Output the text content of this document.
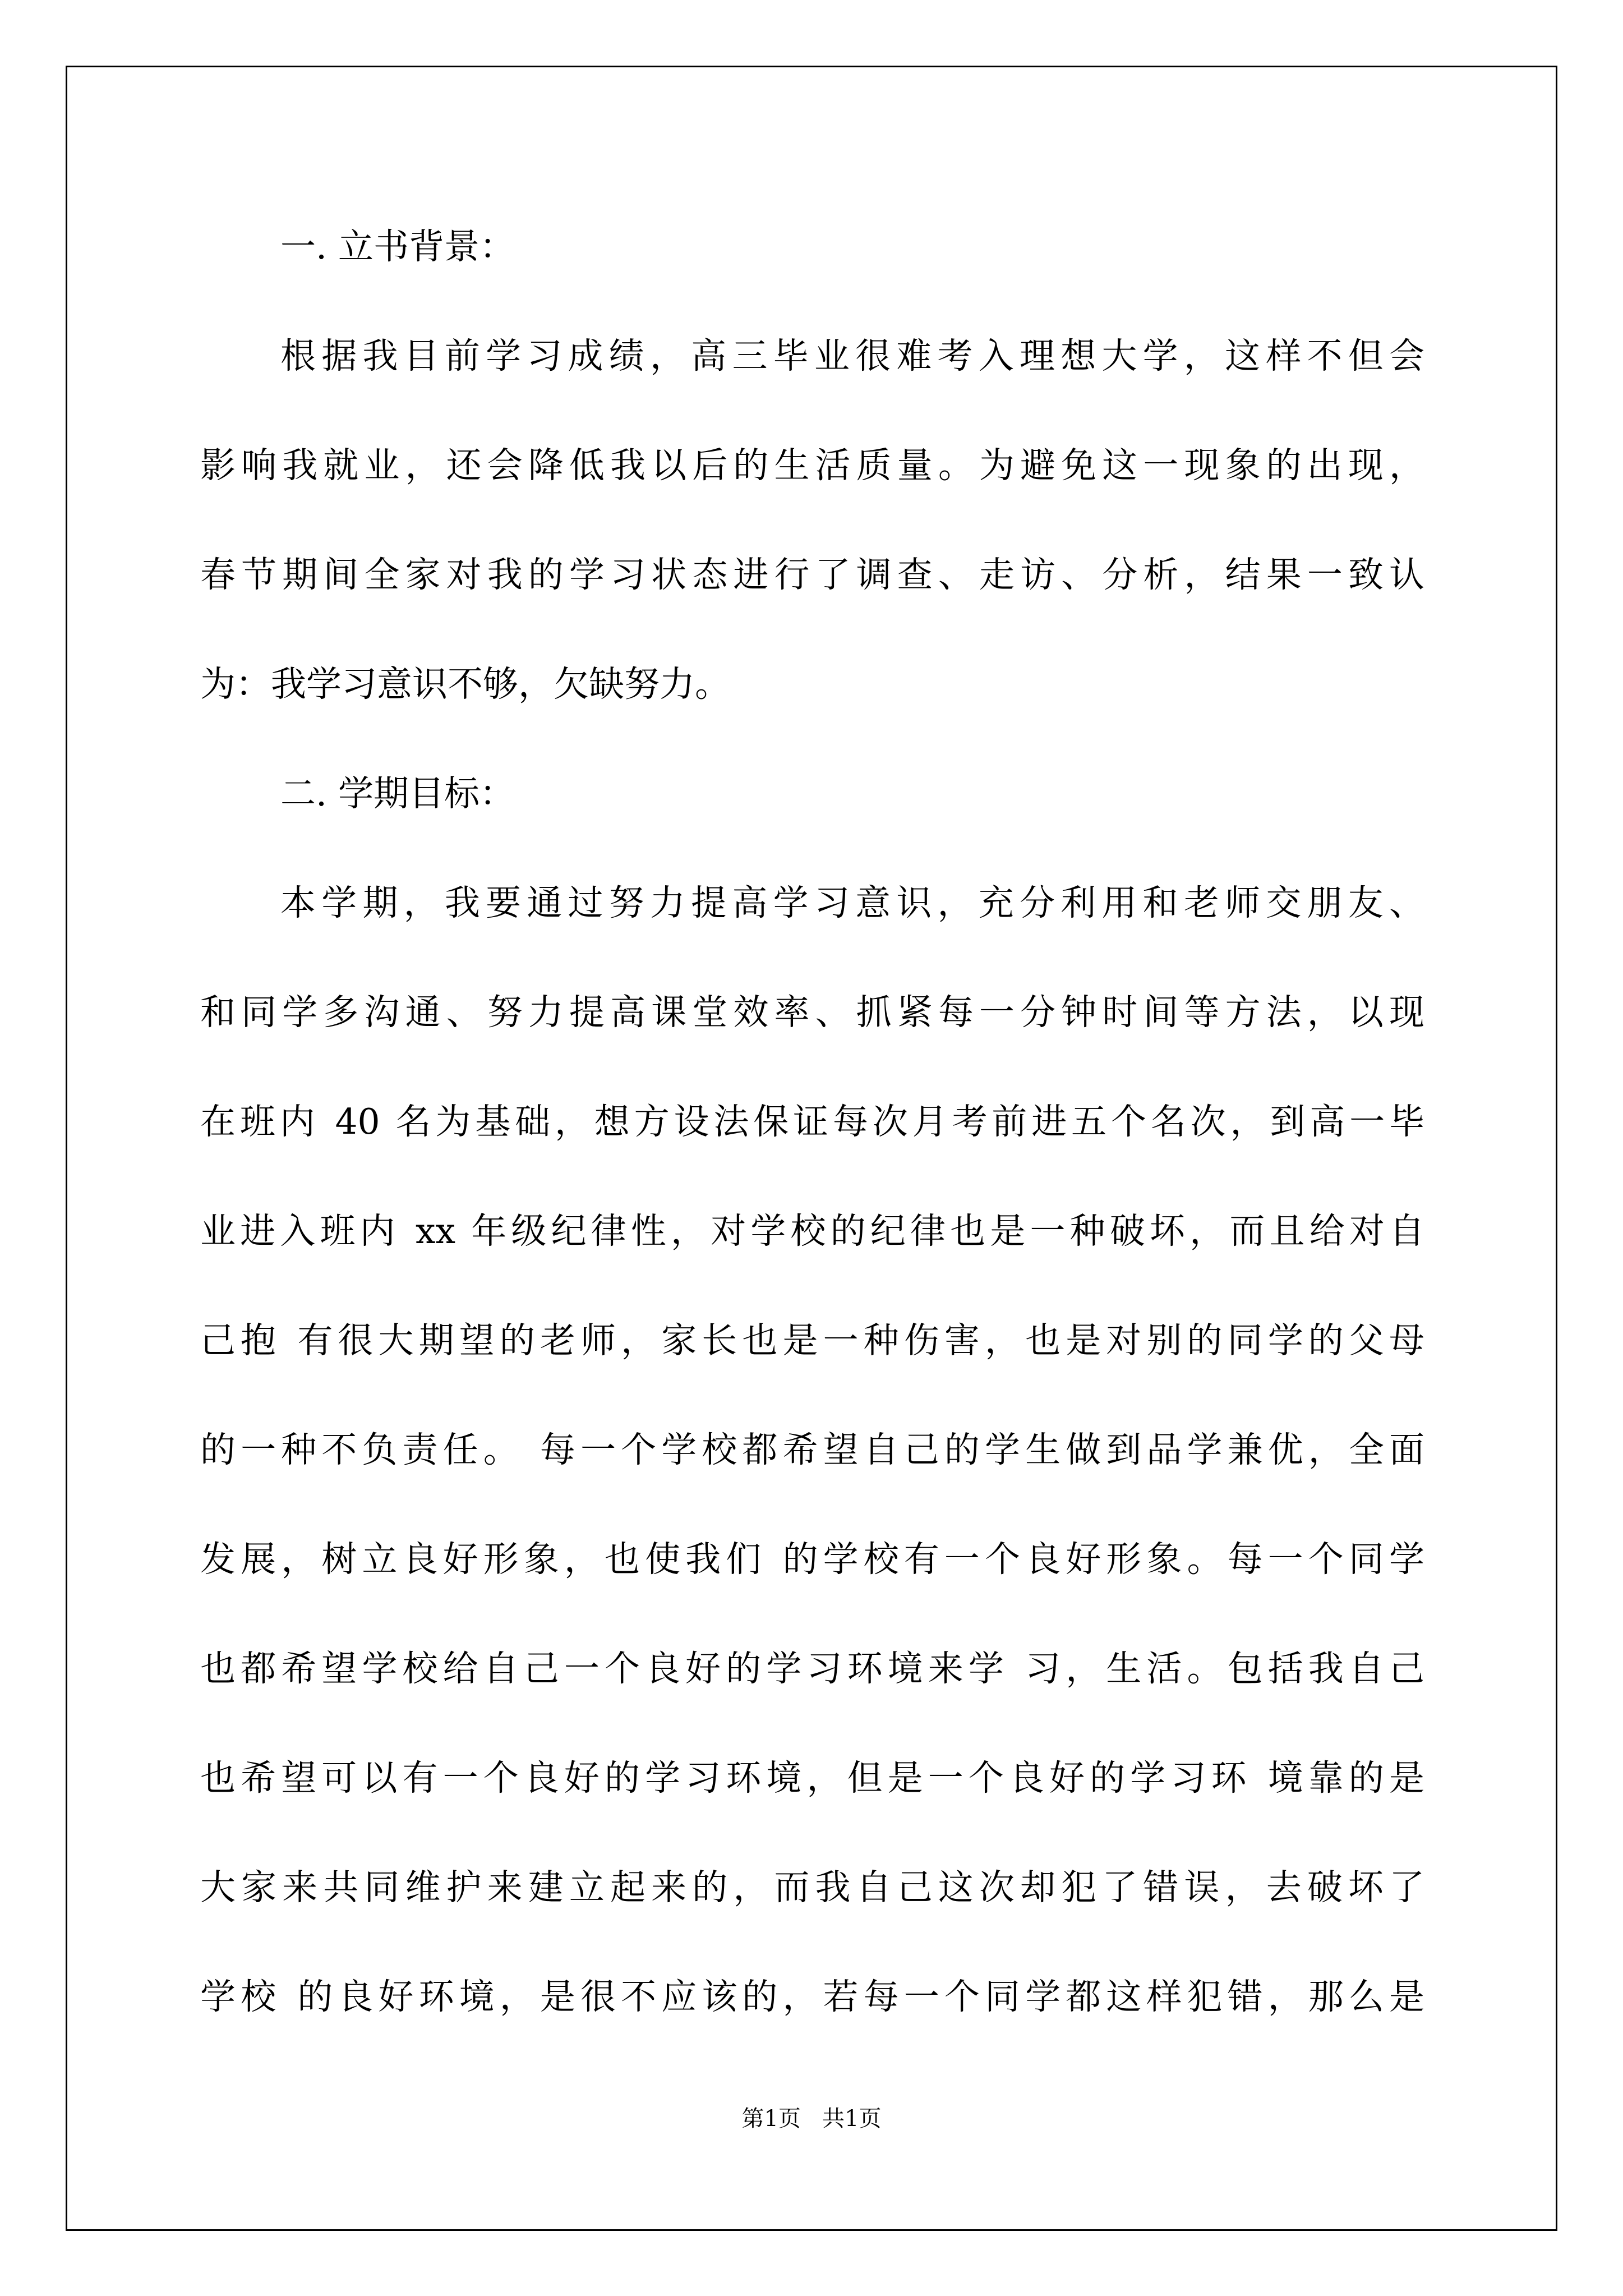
一. 立书背景：

根据我目前学习成绩，高三毕业很难考入理想大学，这样不但会

影响我就业，还会降低我以后的生活质量。为避免这一现象的出现，

春节期间全家对我的学习状态进行了调查、走访、分析，结果一致认

为：我学习意识不够，欠缺努力。

二. 学期目标：

本学期，我要通过努力提高学习意识，充分利用和老师交朋友、

和同学多沟通、努力提高课堂效率、抓紧每一分钟时间等方法，以现

在班内 40 名为基础，想方设法保证每次月考前进五个名次，到高一毕

业进入班内 xx 年级纪律性，对学校的纪律也是一种破坏，而且给对自

己抱 有很大期望的老师，家长也是一种伤害，也是对别的同学的父母

的一种不负责任。 每一个学校都希望自己的学生做到品学兼优，全面

发展，树立良好形象，也使我们 的学校有一个良好形象。每一个同学

也都希望学校给自己一个良好的学习环境来学 习，生活。包括我自己

也希望可以有一个良好的学习环境，但是一个良好的学习环 境靠的是

大家来共同维护来建立起来的，而我自己这次却犯了错误，去破坏了

学校 的良好环境，是很不应该的，若每一个同学都这样犯错，那么是

第1页   共1页
